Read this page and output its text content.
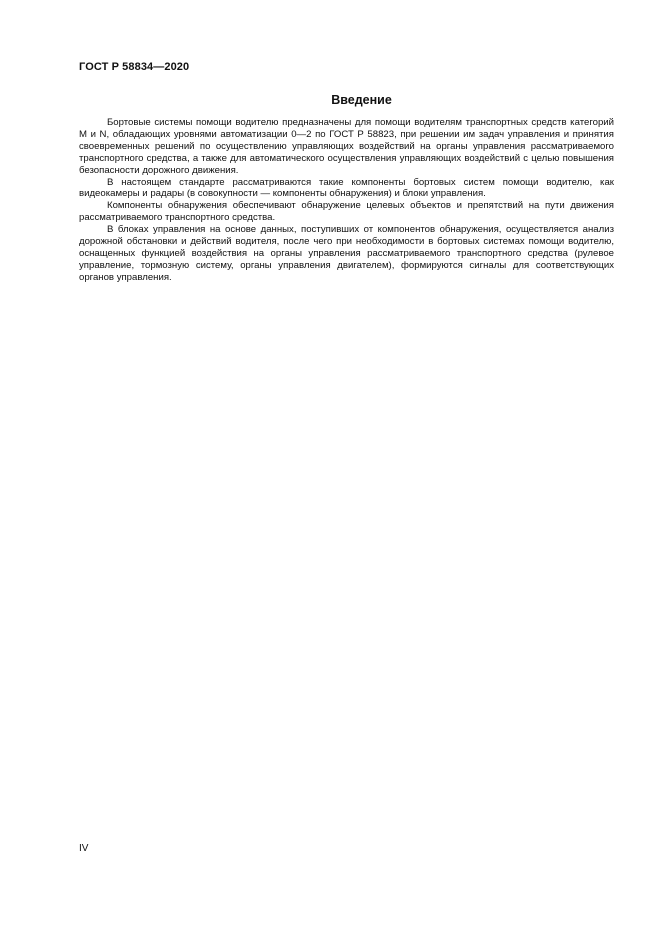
ГОСТ Р 58834—2020
Введение

Бортовые системы помощи водителю предназначены для помощи водителям транспортных средств категорий M и N, обладающих уровнями автоматизации 0—2 по ГОСТ Р 58823, при решении им задач управления и принятия своевременных решений по осуществлению управляющих воздействий на органы управления рассматриваемого транспортного средства, а также для автоматического осуществления управляющих воздействий с целью повышения безопасности дорожного движения.

В настоящем стандарте рассматриваются такие компоненты бортовых систем помощи водителю, как видеокамеры и радары (в совокупности — компоненты обнаружения) и блоки управления.

Компоненты обнаружения обеспечивают обнаружение целевых объектов и препятствий на пути движения рассматриваемого транспортного средства.

В блоках управления на основе данных, поступивших от компонентов обнаружения, осуществляется анализ дорожной обстановки и действий водителя, после чего при необходимости в бортовых системах помощи водителю, оснащенных функцией воздействия на органы управления рассматриваемого транспортного средства (рулевое управление, тормозную систему, органы управления двигателем), формируются сигналы для соответствующих органов управления.

IV
